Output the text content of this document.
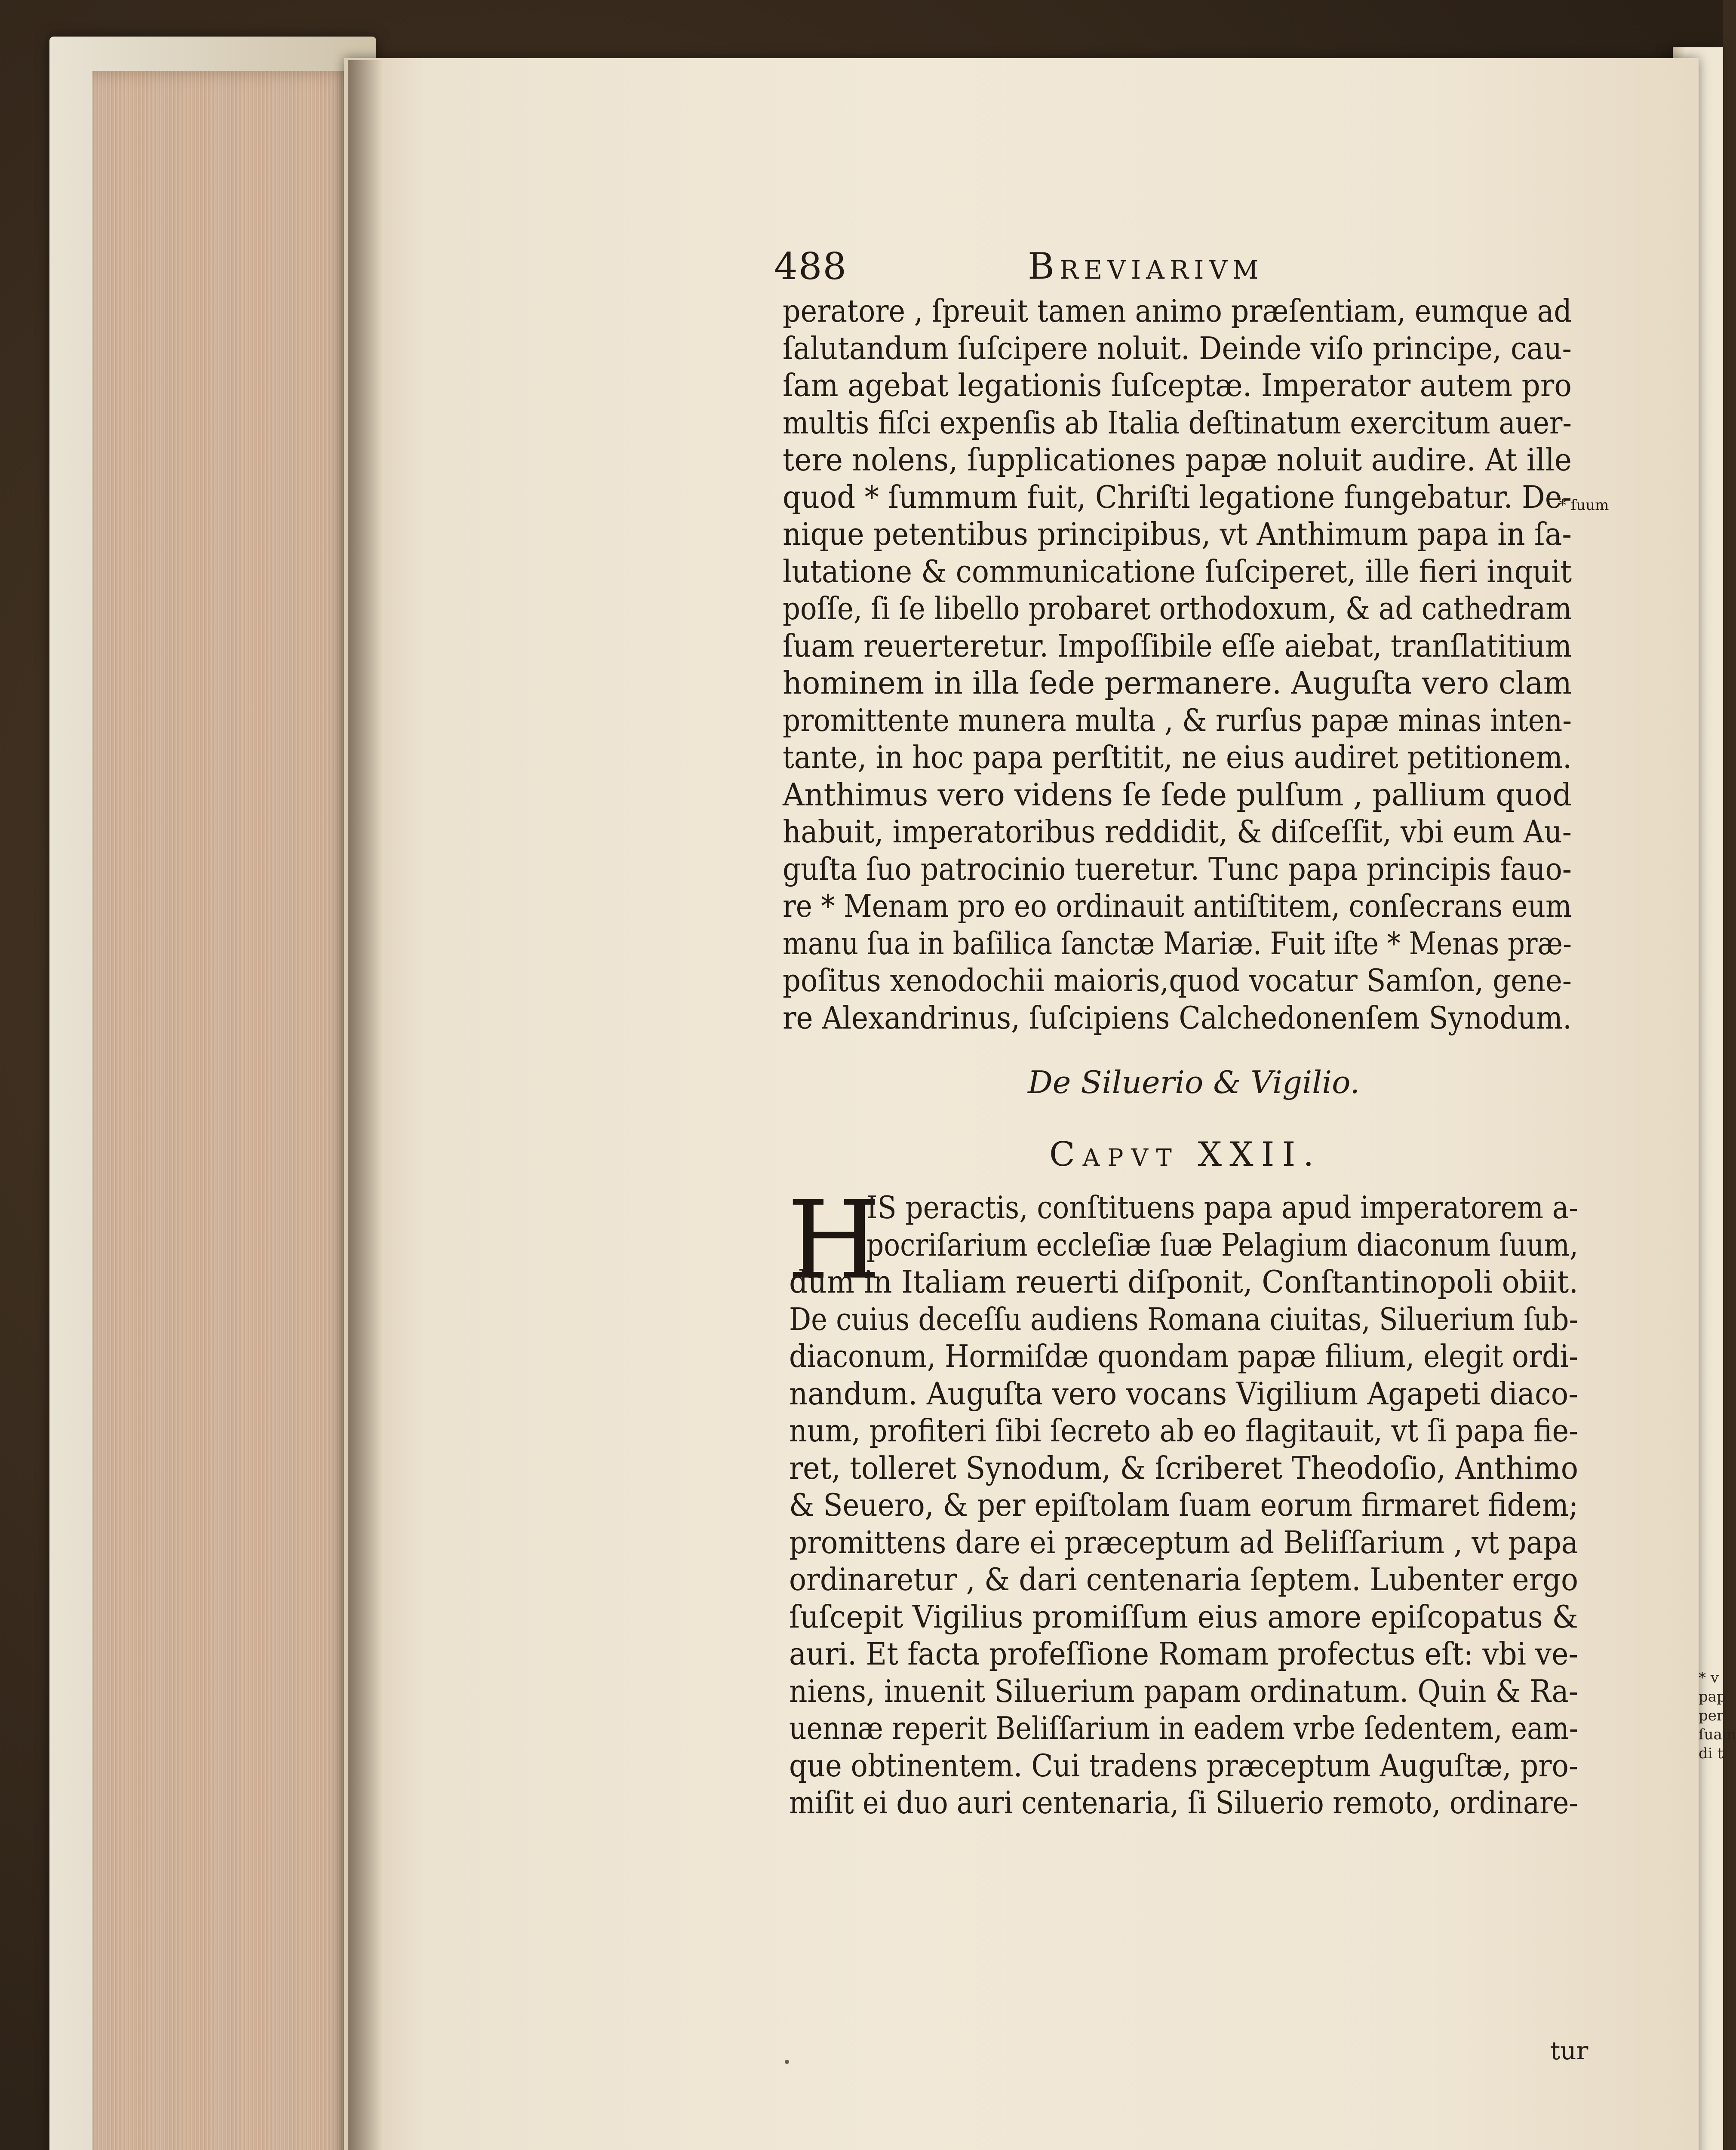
* v
pap
per
ſuam
di t
488	Breviarivm
* ſuum
De Siluerio & Vigilio.
Capvt XXII.
H
tur
peratore , ſpreuit tamen animo præſentiam, eumque ad
ſalutandum ſuſcipere noluit. Deinde viſo principe, cau-
ſam agebat legationis ſuſceptæ. Imperator autem pro
multis fiſci expenſis ab Italia deſtinatum exercitum auer-
tere nolens, ſupplicationes papæ noluit audire. At ille
quod * ſummum fuit, Chriſti legatione fungebatur. De-
nique petentibus principibus, vt Anthimum papa in ſa-
lutatione & communicatione ſuſciperet, ille fieri inquit
poſſe, ſi ſe libello probaret orthodoxum, & ad cathedram
ſuam reuerteretur. Impoſſibile eſſe aiebat, tranſlatitium
hominem in illa ſede permanere. Auguſta vero clam
promittente munera multa , & rurſus papæ minas inten-
tante, in hoc papa perſtitit, ne eius audiret petitionem.
Anthimus vero videns ſe ſede pulſum , pallium quod
habuit, imperatoribus reddidit, & diſceſſit, vbi eum Au-
guſta ſuo patrocinio tueretur. Tunc papa principis fauo-
re * Menam pro eo ordinauit antiſtitem, conſecrans eum
manu ſua in baſilica ſanctæ Mariæ. Fuit iſte * Menas præ-
poſitus xenodochii maioris,quod vocatur Samſon, gene-
re Alexandrinus, ſuſcipiens Calchedonenſem Synodum.
IS peractis, conſtituens papa apud imperatorem a-
pocriſarium eccleſiæ ſuæ Pelagium diaconum ſuum,
dum in Italiam reuerti diſponit, Conſtantinopoli obiit.
De cuius deceſſu audiens Romana ciuitas, Siluerium ſub-
diaconum, Hormiſdæ quondam papæ filium, elegit ordi-
nandum. Auguſta vero vocans Vigilium Agapeti diaco-
num, profiteri ſibi ſecreto ab eo flagitauit, vt ſi papa fie-
ret, tolleret Synodum, & ſcriberet Theodoſio, Anthimo
& Seuero, & per epiſtolam ſuam eorum firmaret fidem;
promittens dare ei præceptum ad Beliſſarium , vt papa
ordinaretur , & dari centenaria ſeptem. Lubenter ergo
ſuſcepit Vigilius promiſſum eius amore epiſcopatus &
auri. Et facta profeſſione Romam profectus eſt: vbi ve-
niens, inuenit Siluerium papam ordinatum. Quin & Ra-
uennæ reperit Beliſſarium in eadem vrbe ſedentem, eam-
que obtinentem. Cui tradens præceptum Auguſtæ, pro-
miſit ei duo auri centenaria, ſi Siluerio remoto, ordinare-
